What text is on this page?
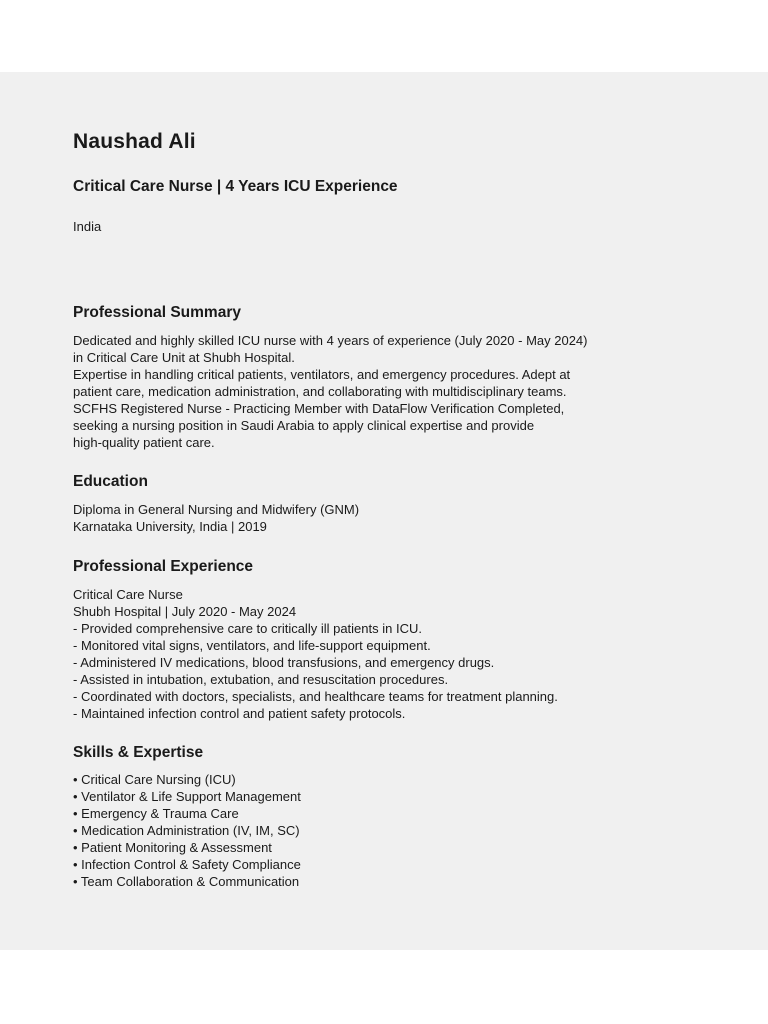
Naushad Ali
Critical Care Nurse | 4 Years ICU Experience
India
Professional Summary
Dedicated and highly skilled ICU nurse with 4 years of experience (July 2020 - May 2024)
in Critical Care Unit at Shubh Hospital.
Expertise in handling critical patients, ventilators, and emergency procedures. Adept at
patient care, medication administration, and collaborating with multidisciplinary teams.
SCFHS Registered Nurse - Practicing Member with DataFlow Verification Completed,
seeking a nursing position in Saudi Arabia to apply clinical expertise and provide
high-quality patient care.
Education
Diploma in General Nursing and Midwifery (GNM)
Karnataka University, India | 2019
Professional Experience
Critical Care Nurse
Shubh Hospital | July 2020 - May 2024
- Provided comprehensive care to critically ill patients in ICU.
- Monitored vital signs, ventilators, and life-support equipment.
- Administered IV medications, blood transfusions, and emergency drugs.
- Assisted in intubation, extubation, and resuscitation procedures.
- Coordinated with doctors, specialists, and healthcare teams for treatment planning.
- Maintained infection control and patient safety protocols.
Skills & Expertise
• Critical Care Nursing (ICU)
• Ventilator & Life Support Management
• Emergency & Trauma Care
• Medication Administration (IV, IM, SC)
• Patient Monitoring & Assessment
• Infection Control & Safety Compliance
• Team Collaboration & Communication
